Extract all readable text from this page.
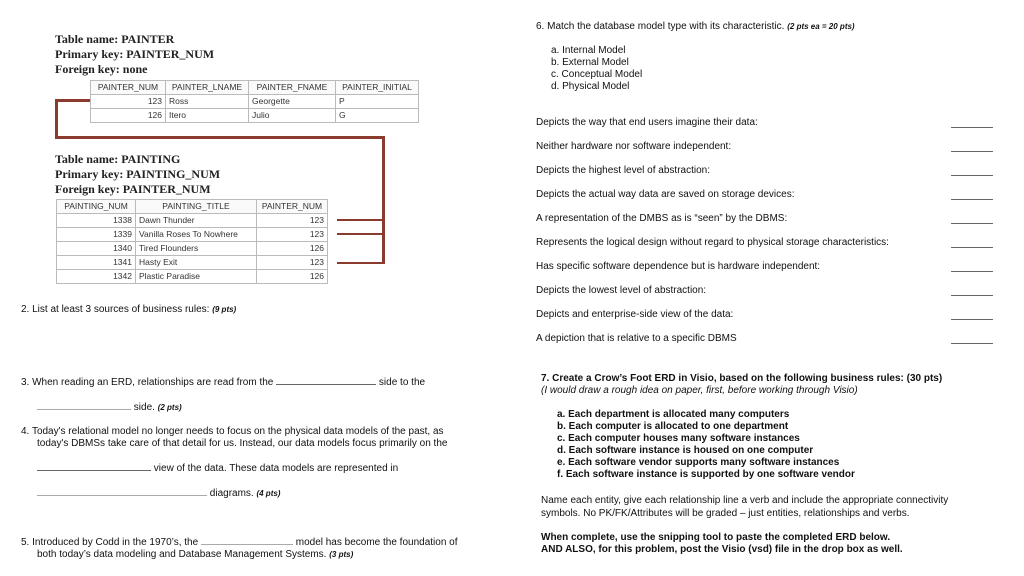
Table name: PAINTER
Primary key: PAINTER_NUM
Foreign key: none
PAINTER_NUM	PAINTER_LNAME	PAINTER_FNAME	PAINTER_INITIAL
123	Ross	Georgette	P
126	Itero	Julio	G
Table name: PAINTING
Primary key: PAINTING_NUM
Foreign key: PAINTER_NUM
PAINTING_NUM	PAINTING_TITLE	PAINTER_NUM
1338	Dawn Thunder	123
1339	Vanilla Roses To Nowhere	123
1340	Tired Flounders	126
1341	Hasty Exit	123
1342	Plastic Paradise	126
2. List at least 3 sources of business rules: (9 pts)
3. When reading an ERD, relationships are read from the	side to the
side. (2 pts)
4. Today's relational model no longer needs to focus on the physical data models of the past, as
today's DBMSs take care of that detail for us. Instead, our data models focus primarily on the
view of the data. These data models are represented in
diagrams. (4 pts)
5. Introduced by Codd in the 1970’s, the	model has become the foundation of
both today’s data modeling and Database Management Systems. (3 pts)
6. Match the database model type with its characteristic. (2 pts ea = 20 pts)
a. Internal Model
b. External Model
c. Conceptual Model
d. Physical Model
Depicts the way that end users imagine their data:
Neither hardware nor software independent:
Depicts the highest level of abstraction:
Depicts the actual way data are saved on storage devices:
A representation of the DMBS as is “seen” by the DBMS:
Represents the logical design without regard to physical storage characteristics:
Has specific software dependence but is hardware independent:
Depicts the lowest level of abstraction:
Depicts and enterprise-side view of the data:
A depiction that is relative to a specific DBMS
7. Create a Crow’s Foot ERD in Visio, based on the following business rules: (30 pts)
(I would draw a rough idea on paper, first, before working through Visio)
a. Each department is allocated many computers
b. Each computer is allocated to one department
c. Each computer houses many software instances
d. Each software instance is housed on one computer
e. Each software vendor supports many software instances
f. Each software instance is supported by one software vendor
Name each entity, give each relationship line a verb and include the appropriate connectivity
symbols. No PK/FK/Attributes will be graded – just entities, relationships and verbs.
When complete, use the snipping tool to paste the completed ERD below.
AND ALSO, for this problem, post the Visio (vsd) file in the drop box as well.
